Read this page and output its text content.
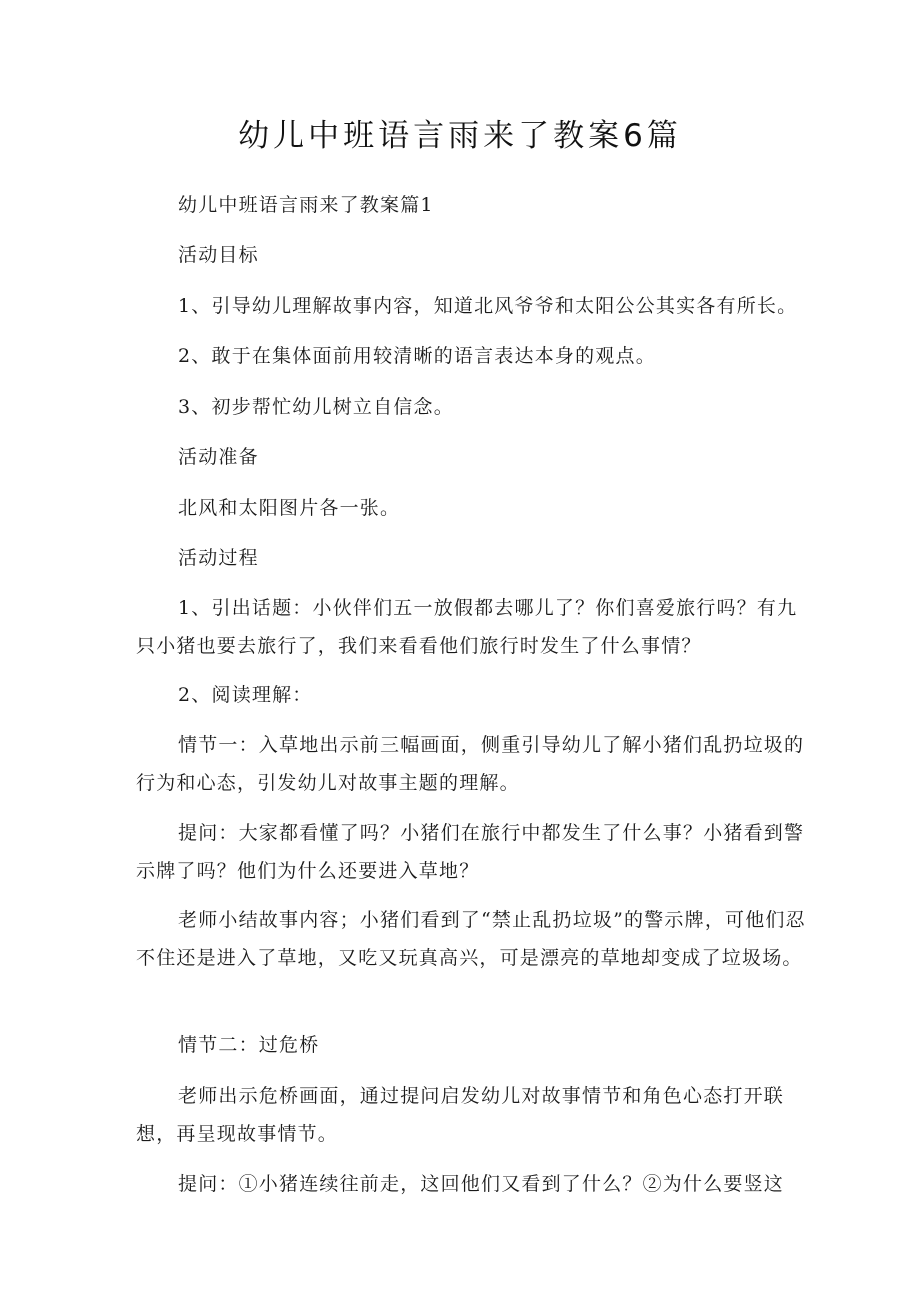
幼儿中班语言雨来了教案6篇

幼儿中班语言雨来了教案篇1

活动目标

1、引导幼儿理解故事内容，知道北风爷爷和太阳公公其实各有所长。

2、敢于在集体面前用较清晰的语言表达本身的观点。

3、初步帮忙幼儿树立自信念。

活动准备

北风和太阳图片各一张。

活动过程

1、引出话题：小伙伴们五一放假都去哪儿了？你们喜爱旅行吗？有九只小猪也要去旅行了，我们来看看他们旅行时发生了什么事情？

2、阅读理解：

情节一：入草地出示前三幅画面，侧重引导幼儿了解小猪们乱扔垃圾的行为和心态，引发幼儿对故事主题的理解。

提问：大家都看懂了吗？小猪们在旅行中都发生了什么事？小猪看到警示牌了吗？他们为什么还要进入草地？

老师小结故事内容；小猪们看到了“禁止乱扔垃圾”的警示牌，可他们忍不住还是进入了草地，又吃又玩真高兴，可是漂亮的草地却变成了垃圾场。

情节二：过危桥

老师出示危桥画面，通过提问启发幼儿对故事情节和角色心态打开联想，再呈现故事情节。

提问：①小猪连续往前走，这回他们又看到了什么？②为什么要竖这
